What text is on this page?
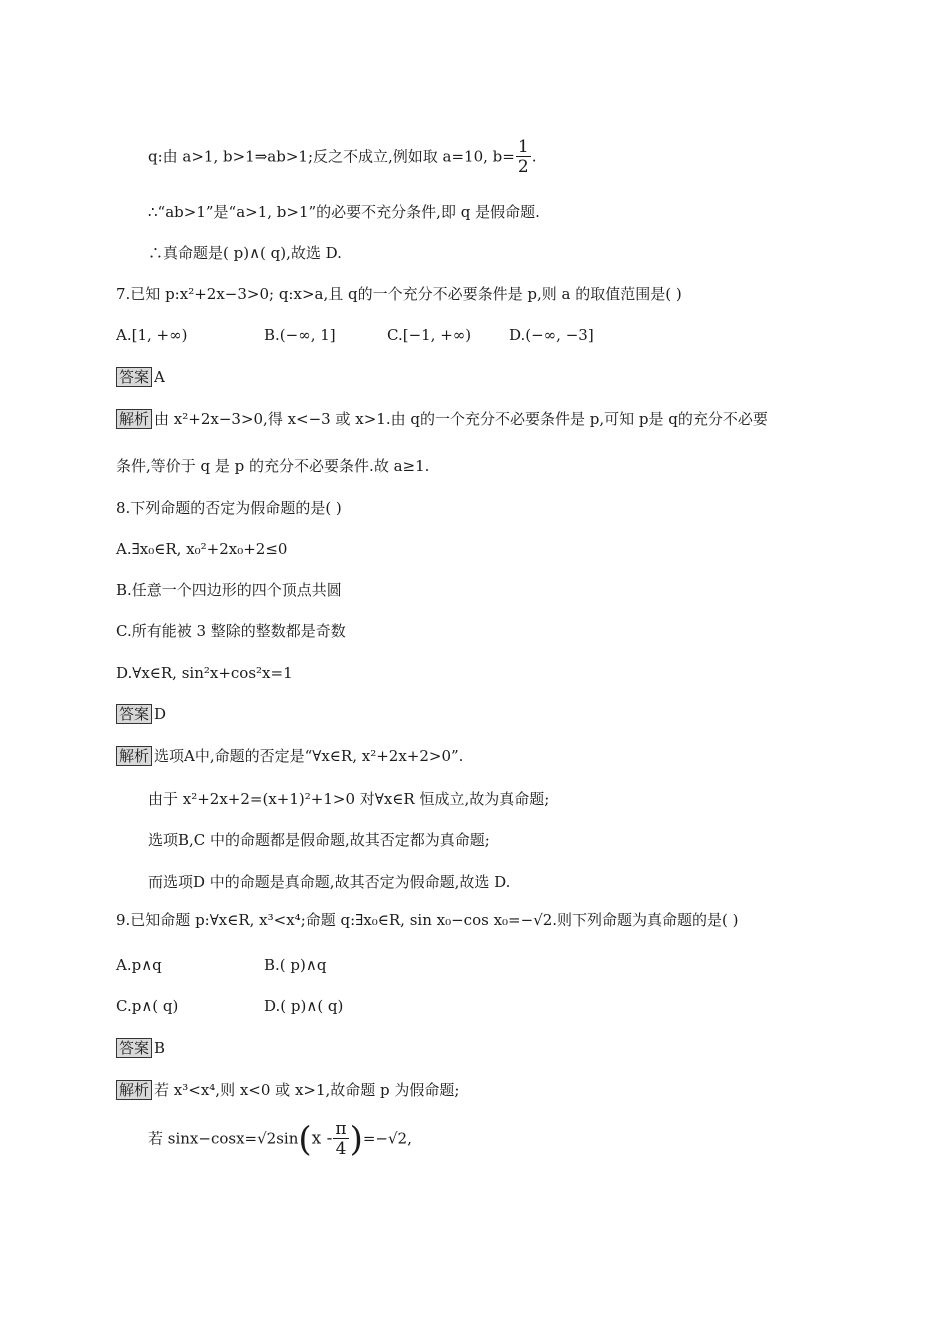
q:由 a>1, b>1⇒ab>1;反之不成立,例如取 a=10, $b= \frac{1}{2}$ .
∴“ab>1”是“a>1, b>1”的必要不充分条件,即 q 是假命题.
∴真命题是( p)∧( q),故选 D.
7.已知 p:x²+2x−3>0; q:x>a,且 q的一个充分不必要条件是 p,则 a 的取值范围是( )
A.[1, +∞)	B.(−∞, 1]	C.[−1, +∞)	D.(−∞, −3]
答案 A
解析 由 x²+2x−3>0,得 x<−3 或 x>1.由 q的一个充分不必要条件是 p,可知 p是 q的充分不必要
条件,等价于 q 是 p 的充分不必要条件.故 a≥1.
8.下列命题的否定为假命题的是( )
A.∃x₀∈R, x₀²+2x₀+2≤0
B.任意一个四边形的四个顶点共圆
C.所有能被 3 整除的整数都是奇数
D.∀x∈R, sin²x+cos²x=1
答案 D
解析 选项A中,命题的否定是“∀x∈R, x²+2x+2>0”.
由于 x²+2x+2=(x+1)²+1>0 对∀x∈R 恒成立,故为真命题;
选项B,C 中的命题都是假命题,故其否定都为真命题;
而选项D 中的命题是真命题,故其否定为假命题,故选 D.
9.已知命题 p:∀x∈R, x³<x⁴;命题 q:∃x₀∈R, sin x₀−cos x₀=−√2.则下列命题为真命题的是( )
A.p∧q	B.( p)∧q
C.p∧( q)	D.( p)∧( q)
答案 B
解析 若 x³<x⁴,则 x<0 或 x>1,故命题 p 为假命题;
若 $\sin x-\cos x=√2\sin(x - \frac{\pi}{4} )=-√2$,
